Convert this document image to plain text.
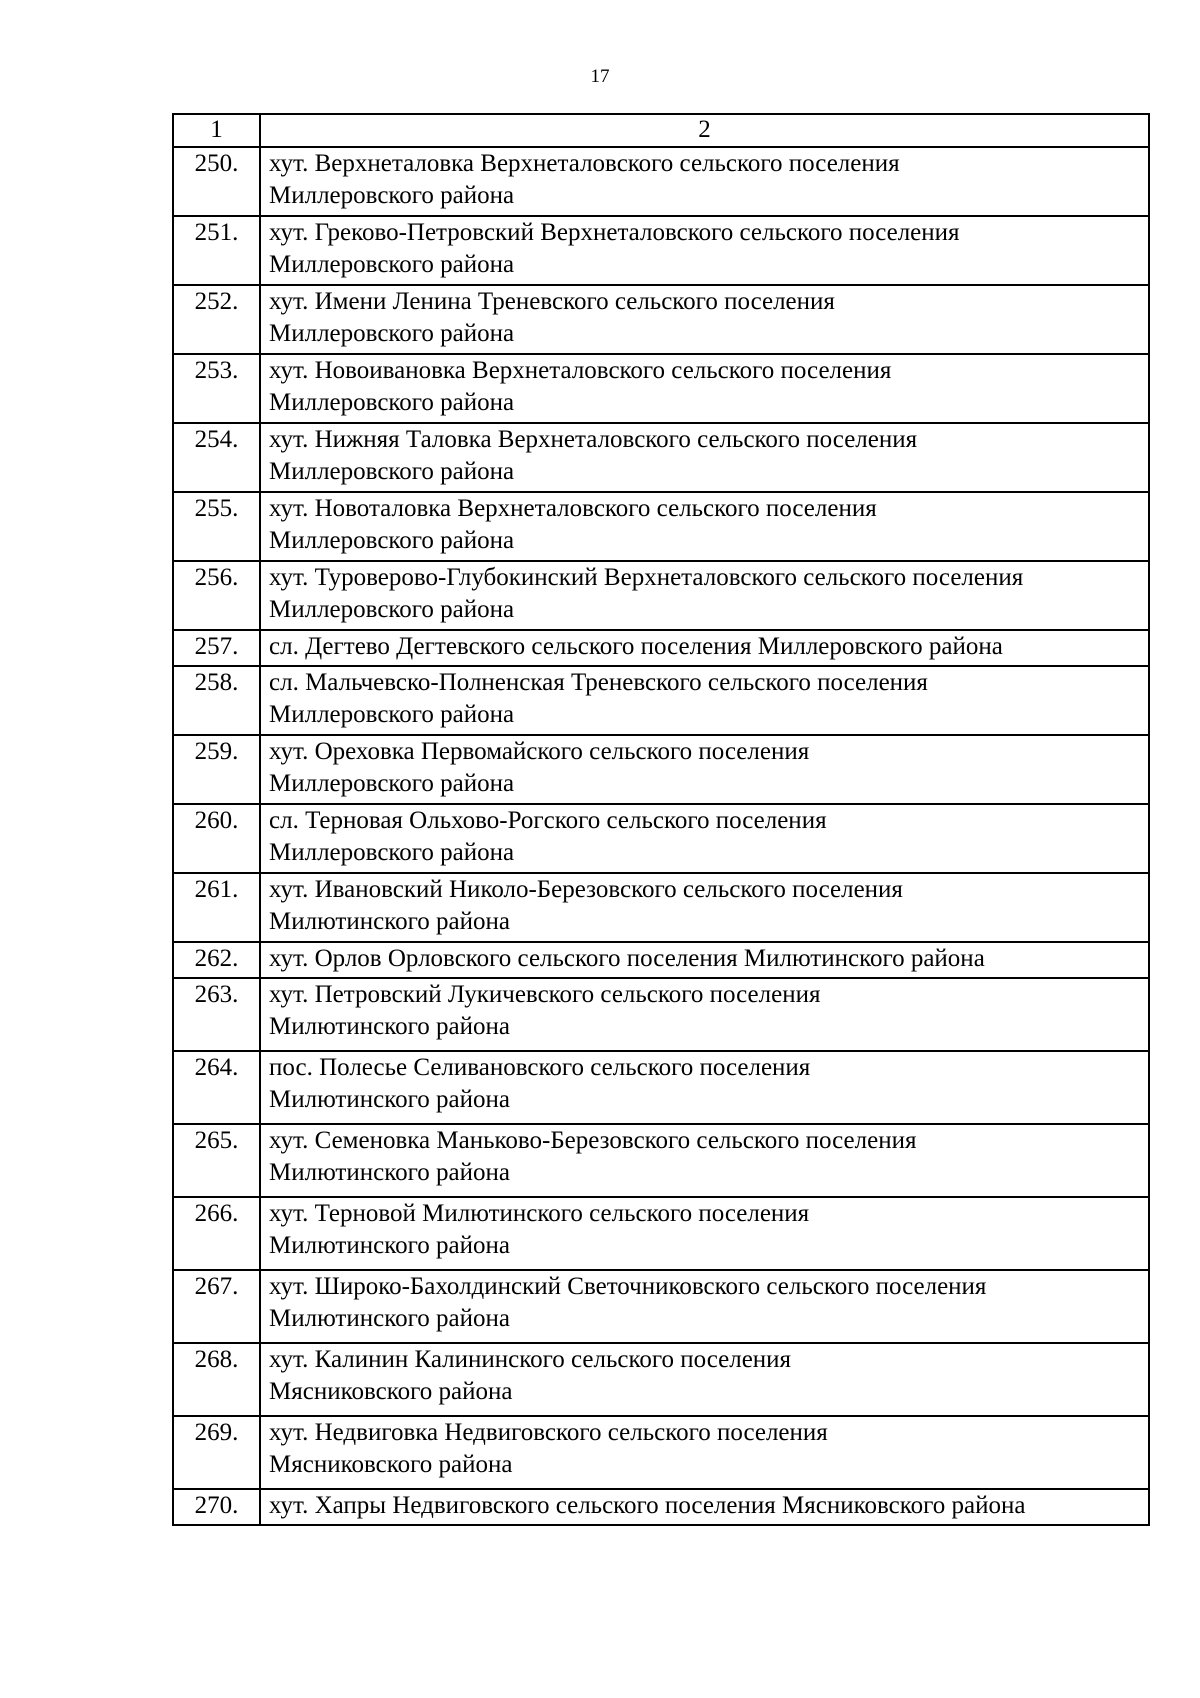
17
1	2
250.	хут. Верхнеталовка Верхнеталовского сельского поселения
Миллеровского района

251.	хут. Греково-Петровский Верхнеталовского сельского поселения
Миллеровского района

252.	хут. Имени Ленина Треневского сельского поселения
Миллеровского района

253.	хут. Новоивановка Верхнеталовского сельского поселения
Миллеровского района

254.	хут. Нижняя Таловка Верхнеталовского сельского поселения
Миллеровского района

255.	хут. Новоталовка Верхнеталовского сельского поселения
Миллеровского района

256.	хут. Туроверово-Глубокинский Верхнеталовского сельского поселения
Миллеровского района

257.	сл. Дегтево Дегтевского сельского поселения Миллеровского района

258.	сл. Мальчевско-Полненская Треневского сельского поселения
Миллеровского района

259.	хут. Ореховка Первомайского сельского поселения
Миллеровского района

260.	сл. Терновая Ольхово-Рогского сельского поселения
Миллеровского района

261.	хут. Ивановский Николо-Березовского сельского поселения
Милютинского района

262.	хут. Орлов Орловского сельского поселения Милютинского района

263.	хут. Петровский Лукичевского сельского поселения
Милютинского района

264.	пос. Полесье Селивановского сельского поселения
Милютинского района

265.	хут. Семеновка Маньково-Березовского сельского поселения
Милютинского района

266.	хут. Терновой Милютинского сельского поселения
Милютинского района

267.	хут. Широко-Бахолдинский Светочниковского сельского поселения
Милютинского района

268.	хут. Калинин Калининского сельского поселения
Мясниковского района

269.	хут. Недвиговка Недвиговского сельского поселения
Мясниковского района

270.	хут. Хапры Недвиговского сельского поселения Мясниковского района
